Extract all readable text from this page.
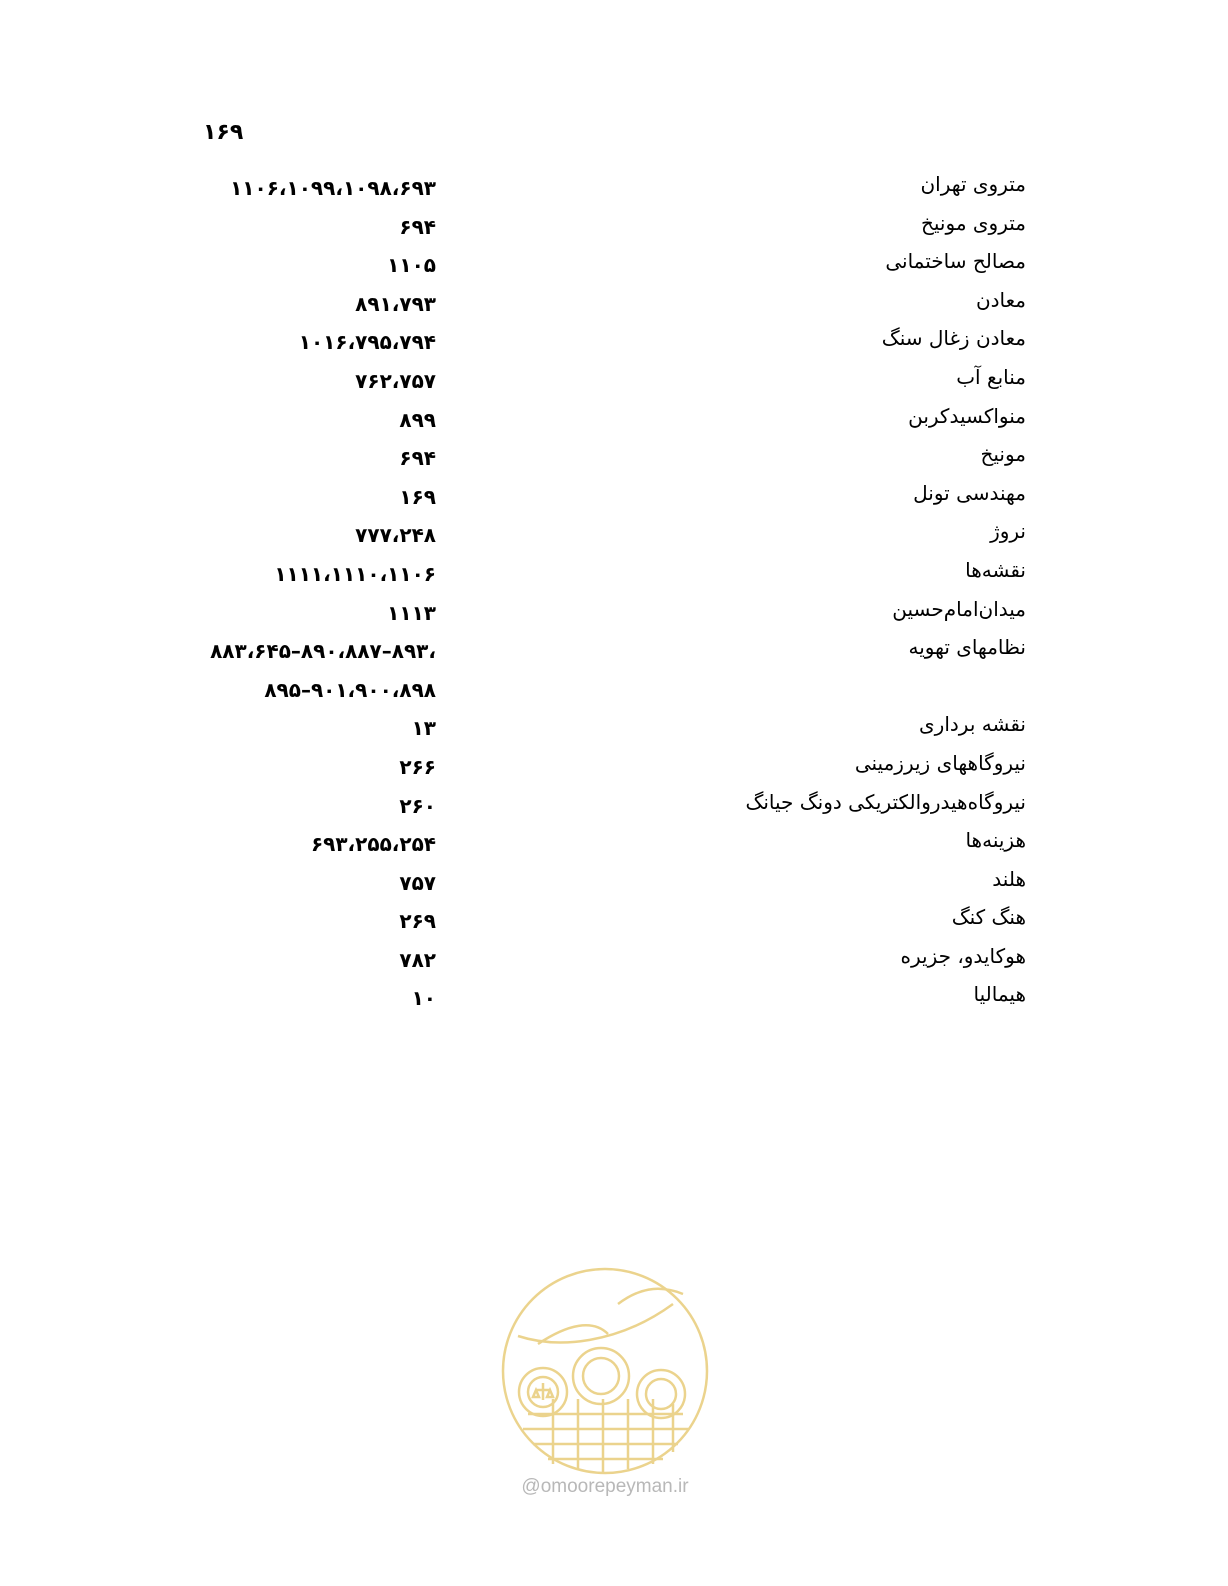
۱۶۹
متروی تهران
۱۱۰۶،۱۰۹۹،۱۰۹۸،۶۹۳
متروی مونیخ
۶۹۴
مصالح ساختمانی
۱۱۰۵
معادن
۸۹۱،۷۹۳
معادن زغال سنگ
۱۰۱۶،۷۹۵،۷۹۴
منابع آب
۷۶۲،۷۵۷
منواکسیدکربن
۸۹۹
مونیخ
۶۹۴
مهندسی تونل
۱۶۹
نروژ
۷۷۷،۲۴۸
نقشه‌ها
۱۱۱۱،۱۱۱۰،۱۱۰۶
میدان‌امام‌حسین
۱۱۱۳
نظامهای تهویه
،۸۹۳–۸۹۰،۸۸۷–۸۸۳،۶۴۵
۹۰۱،۹۰۰،۸۹۸–۸۹۵
نقشه برداری
۱۳
نیروگاههای زیرزمینی
۲۶۶
نیروگاه‌هیدروالکتریکی دونگ جیانگ
۲۶۰
هزینه‌ها
۶۹۳،۲۵۵،۲۵۴
هلند
۷۵۷
هنگ کنگ
۲۶۹
هوکایدو، جزیره
۷۸۲
هیمالیا
۱۰
@omoorepeyman.ir
